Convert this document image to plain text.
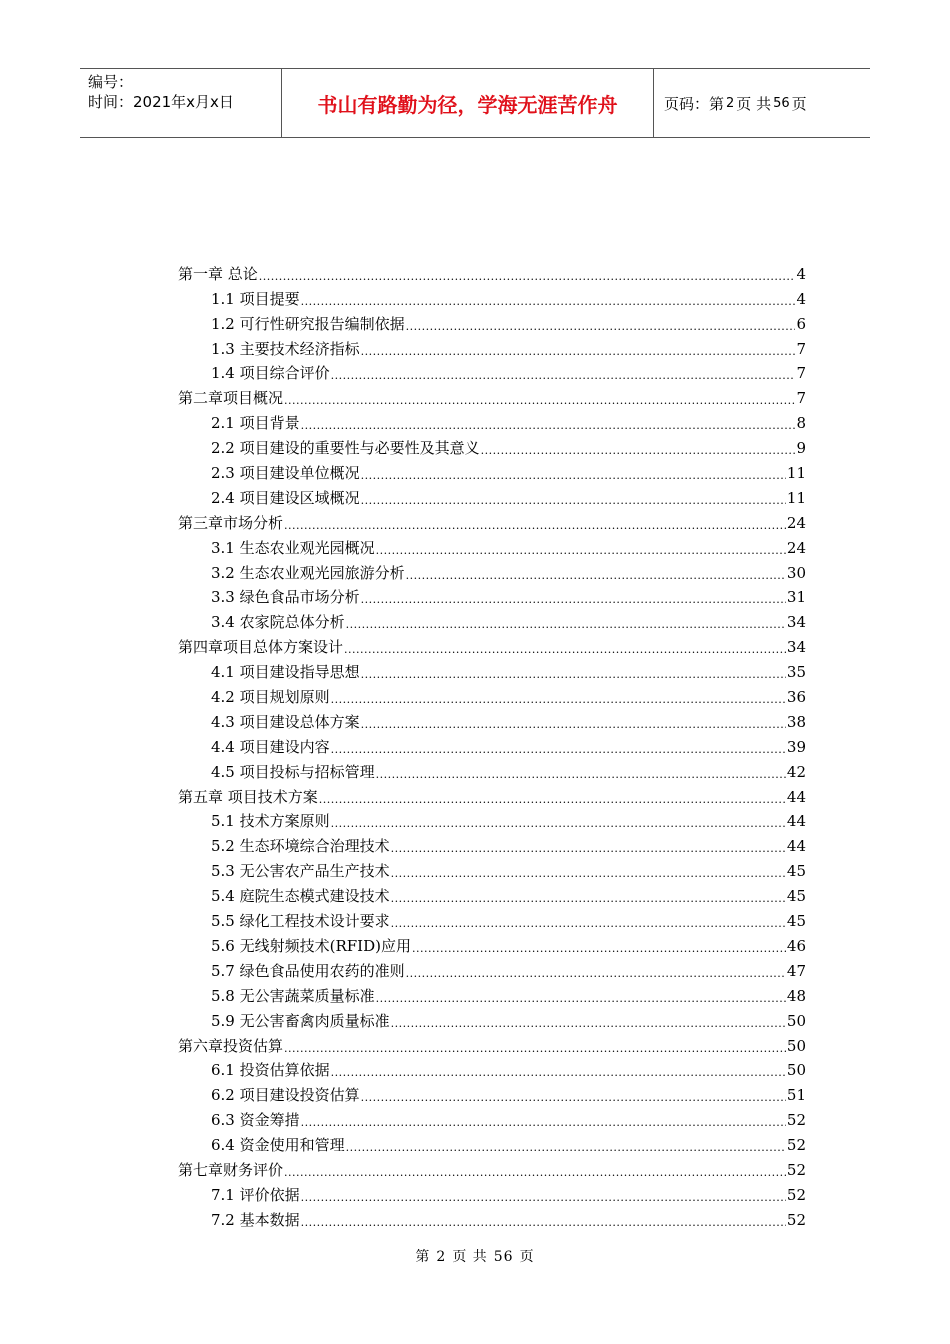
编号：
时间：2021年x月x日	书山有路勤为径，学海无涯苦作舟	页码：第 2 页 共 56 页
第一章 总论 .....	4
1.1 项目提要 .....	4
1.2 可行性研究报告编制依据 .....	6
1.3 主要技术经济指标 .....	7
1.4 项目综合评价 .....	7
第二章项目概况 .....	7
2.1 项目背景 .....	8
2.2 项目建设的重要性与必要性及其意义 .....	9
2.3 项目建设单位概况 .....	11
2.4 项目建设区域概况 .....	11
第三章市场分析 .....	24
3.1 生态农业观光园概况 .....	24
3.2 生态农业观光园旅游分析 .....	30
3.3 绿色食品市场分析 .....	31
3.4 农家院总体分析 .....	34
第四章项目总体方案设计 .....	34
4.1 项目建设指导思想 .....	35
4.2 项目规划原则 .....	36
4.3 项目建设总体方案 .....	38
4.4 项目建设内容 .....	39
4.5 项目投标与招标管理 .....	42
第五章 项目技术方案 .....	44
5.1 技术方案原则 .....	44
5.2 生态环境综合治理技术 .....	44
5.3 无公害农产品生产技术 .....	45
5.4 庭院生态模式建设技术 .....	45
5.5 绿化工程技术设计要求 .....	45
5.6 无线射频技术(RFID)应用 .....	46
5.7 绿色食品使用农药的准则 .....	47
5.8 无公害蔬菜质量标准 .....	48
5.9 无公害畜禽肉质量标准 .....	50
第六章投资估算 .....	50
6.1 投资估算依据 .....	50
6.2 项目建设投资估算 .....	51
6.3 资金筹措 .....	52
6.4 资金使用和管理 .....	52
第七章财务评价 .....	52
7.1 评价依据 .....	52
7.2 基本数据 .....	52
第 2 页 共 56 页
